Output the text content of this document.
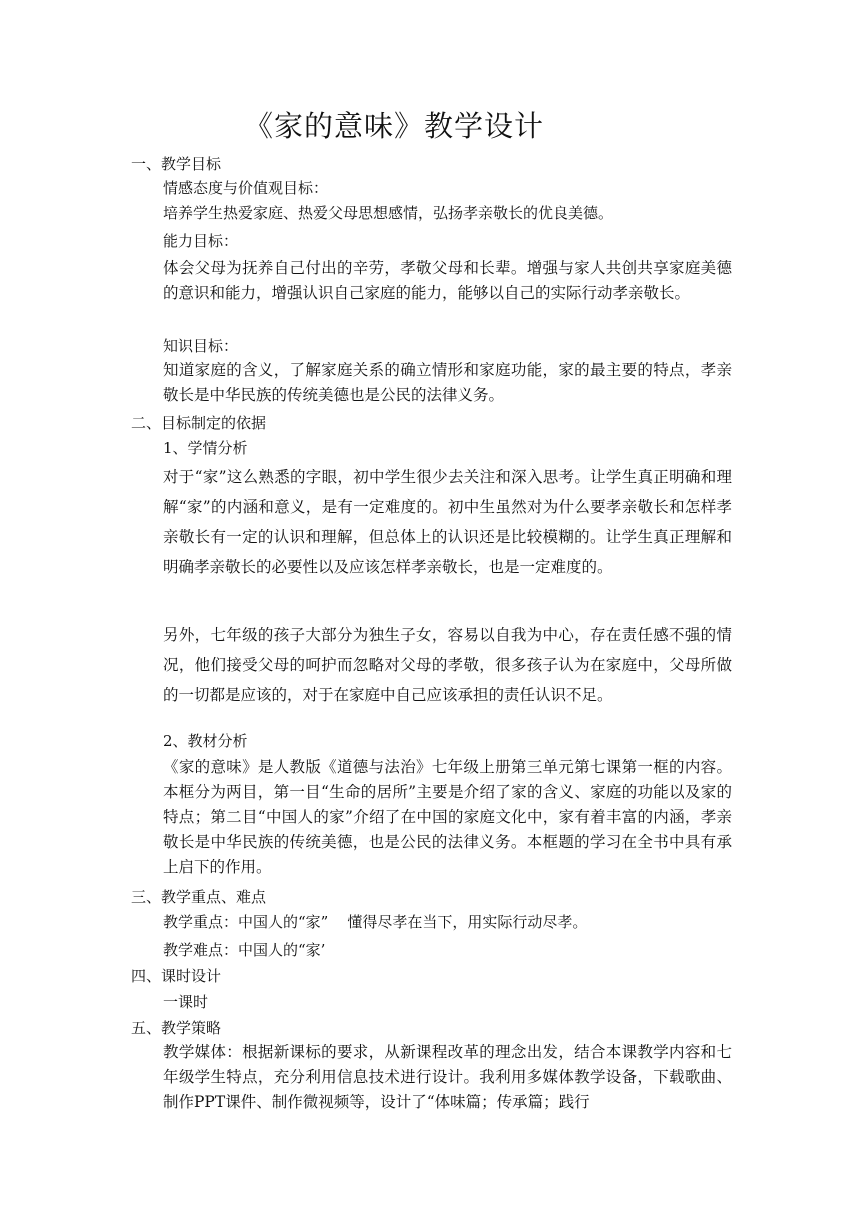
《家的意味》教学设计
一、教学目标
情感态度与价值观目标：
培养学生热爱家庭、热爱父母思想感情，弘扬孝亲敬长的优良美德。
能力目标：
体会父母为抚养自己付出的辛劳，孝敬父母和长辈。增强与家人共创共享家庭美德的意识和能力，增强认识自己家庭的能力，能够以自己的实际行动孝亲敬长。
知识目标：
知道家庭的含义，了解家庭关系的确立情形和家庭功能，家的最主要的特点，孝亲敬长是中华民族的传统美德也是公民的法律义务。
二、目标制定的依据
1、学情分析
对于“家”这么熟悉的字眼，初中学生很少去关注和深入思考。让学生真正明确和理解“家”的内涵和意义，是有一定难度的。初中生虽然对为什么要孝亲敬长和怎样孝亲敬长有一定的认识和理解，但总体上的认识还是比较模糊的。让学生真正理解和明确孝亲敬长的必要性以及应该怎样孝亲敬长，也是一定难度的。
另外，七年级的孩子大部分为独生子女，容易以自我为中心，存在责任感不强的情况，他们接受父母的呵护而忽略对父母的孝敬，很多孩子认为在家庭中，父母所做的一切都是应该的，对于在家庭中自己应该承担的责任认识不足。
2、教材分析
《家的意味》是人教版《道德与法治》七年级上册第三单元第七课第一框的内容。本框分为两目，第一目“生命的居所”主要是介绍了家的含义、家庭的功能以及家的特点；第二目“中国人的家”介绍了在中国的家庭文化中，家有着丰富的内涵，孝亲敬长是中华民族的传统美德，也是公民的法律义务。本框题的学习在全书中具有承上启下的作用。
三、教学重点、难点
教学重点：中国人的“家”    懂得尽孝在当下，用实际行动尽孝。
教学难点：中国人的“家’
四、课时设计
一课时
五、教学策略
教学媒体：根据新课标的要求，从新课程改革的理念出发，结合本课教学内容和七年级学生特点，充分利用信息技术进行设计。我利用多媒体教学设备，下载歌曲、制作PPT课件、制作微视频等，设计了“体味篇；传承篇；践行
